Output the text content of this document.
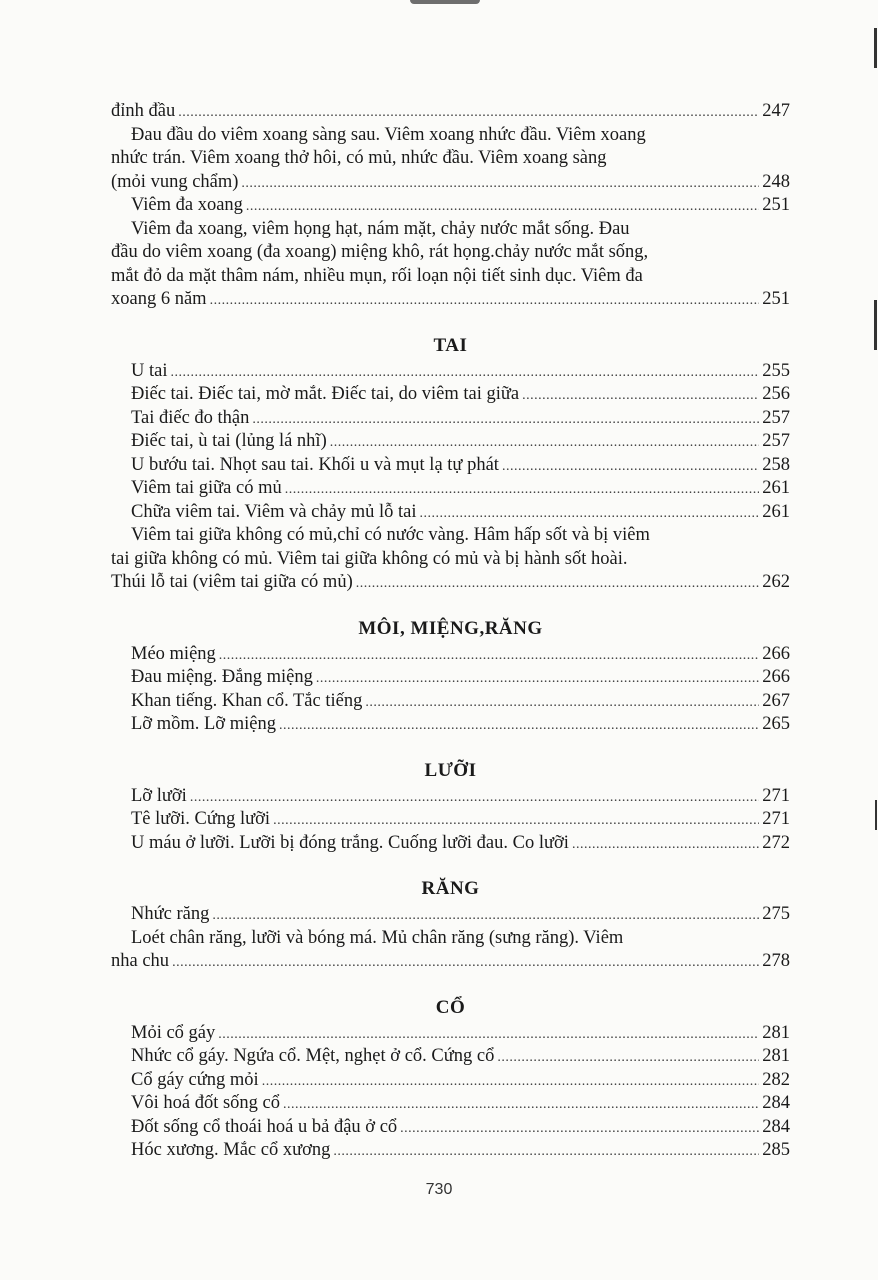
đỉnh đầu .....	247
Đau đầu do viêm xoang sàng sau. Viêm xoang nhức đầu. Viêm xoang
nhức trán. Viêm xoang thở hôi, có mủ, nhức đầu. Viêm xoang sàng
(mỏi vung chẩm) .....	248
Viêm đa xoang .....	251
Viêm đa xoang, viêm họng hạt, nám mặt, chảy nước mắt sống. Đau
đầu do viêm xoang (đa xoang) miệng khô, rát họng.chảy nước mắt sống,
mắt đỏ da mặt thâm nám, nhiều mụn, rối loạn nội tiết sinh dục. Viêm đa
xoang 6 năm .....	251
TAI
U tai .....	255
Điếc tai. Điếc tai, mờ mắt. Điếc tai, do viêm tai giữa .....	256
Tai điếc đo thận .....	257
Điếc tai, ù tai (lủng lá nhĩ) .....	257
U bướu tai. Nhọt sau tai. Khối u và mụt lạ tự phát .....	258
Viêm tai giữa có mủ .....	261
Chữa viêm tai. Viêm và chảy mủ lỗ tai .....	261
Viêm tai giữa không có mủ,chỉ có nước vàng. Hâm hấp sốt và bị viêm
tai giữa không có mủ. Viêm tai giữa không có mủ và bị hành sốt hoài.
Thúi lỗ tai (viêm tai giữa có mủ) .....	262
MÔI, MIỆNG,RĂNG
Méo miệng .....	266
Đau miệng. Đắng miệng .....	266
Khan tiếng. Khan cổ. Tắc tiếng .....	267
Lỡ mồm. Lỡ miệng .....	265
LƯỠI
Lỡ lưỡi .....	271
Tê lưỡi. Cứng lưỡi .....	271
U máu ở lưỡi. Lưỡi bị đóng trắng. Cuống lưỡi đau. Co lưỡi .....	272
RĂNG
Nhức răng .....	275
Loét chân răng, lưỡi và bóng má. Mủ chân răng (sưng răng). Viêm
nha chu .....	278
CỔ
Mỏi cổ gáy .....	281
Nhức cổ gáy. Ngứa cổ. Mệt, nghẹt ở cổ. Cứng cổ .....	281
Cổ gáy cứng mỏi .....	282
Vôi hoá đốt sống cổ .....	284
Đốt sống cổ thoái hoá u bả đậu ở cổ .....	284
Hóc xương. Mắc cổ xương .....	285
730
